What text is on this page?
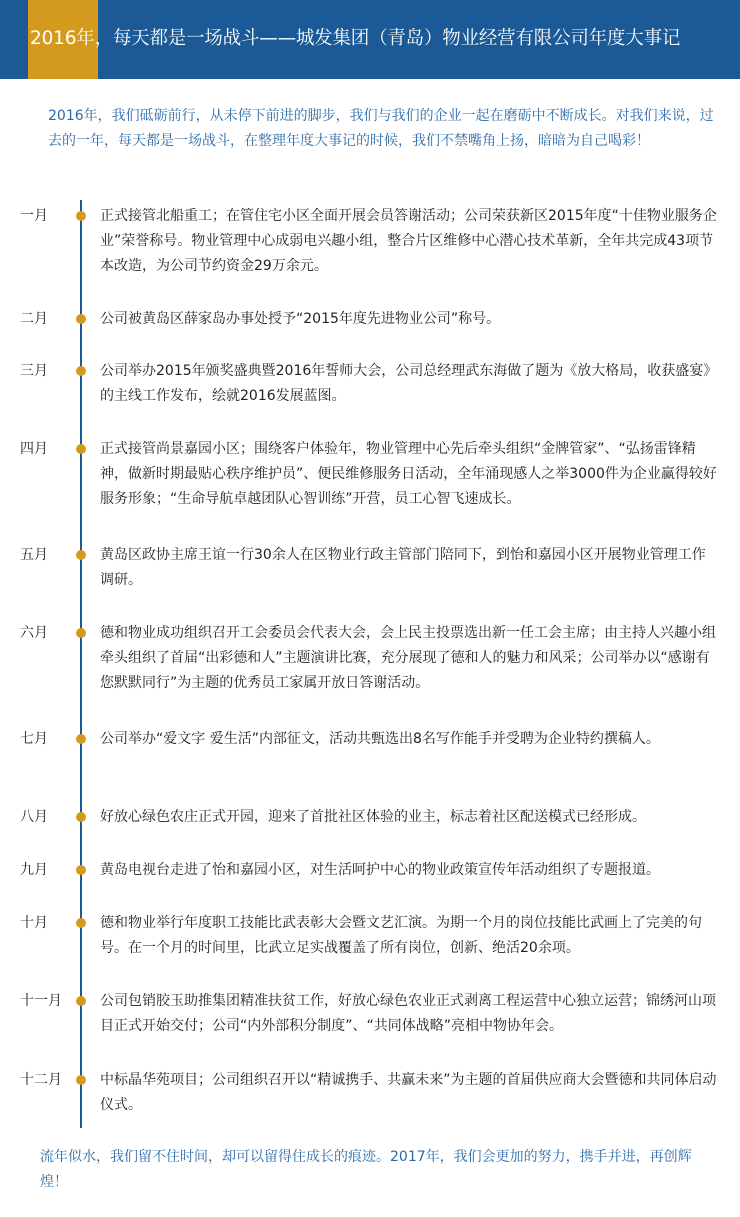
2016年，每天都是一场战斗——城发集团（青岛）物业经营有限公司年度大事记
2016年，我们砥砺前行，从未停下前进的脚步，我们与我们的企业一起在磨砺中不断成长。对我们来说，过去的一年，每天都是一场战斗，在整理年度大事记的时候，我们不禁嘴角上扬，暗暗为自己喝彩！
一月	正式接管北船重工；在管住宅小区全面开展会员答谢活动；公司荣获新区2015年度“十佳物业服务企业”荣誉称号。物业管理中心成弱电兴趣小组，整合片区维修中心潜心技术革新，全年共完成43项节本改造，为公司节约资金29万余元。
二月	公司被黄岛区薛家岛办事处授予“2015年度先进物业公司”称号。
三月	公司举办2015年颁奖盛典暨2016年誓师大会，公司总经理武东海做了题为《放大格局，收获盛宴》的主线工作发布，绘就2016发展蓝图。
四月	正式接管尚景嘉园小区；围绕客户体验年，物业管理中心先后牵头组织“金牌管家”、“弘扬雷锋精神，做新时期最贴心秩序维护员”、便民维修服务日活动，全年涌现感人之举3000件为企业赢得较好服务形象；“生命导航卓越团队心智训练”开营，员工心智飞速成长。
五月	黄岛区政协主席王谊一行30余人在区物业行政主管部门陪同下，到怡和嘉园小区开展物业管理工作调研。
六月	德和物业成功组织召开工会委员会代表大会，会上民主投票选出新一任工会主席；由主持人兴趣小组牵头组织了首届“出彩德和人”主题演讲比赛，充分展现了德和人的魅力和风采；公司举办以“感谢有您默默同行”为主题的优秀员工家属开放日答谢活动。
七月	公司举办“爱文字 爱生活”内部征文，活动共甄选出8名写作能手并受聘为企业特约撰稿人。
八月	好放心绿色农庄正式开园，迎来了首批社区体验的业主，标志着社区配送模式已经形成。
九月	黄岛电视台走进了怡和嘉园小区，对生活呵护中心的物业政策宣传年活动组织了专题报道。
十月	德和物业举行年度职工技能比武表彰大会暨文艺汇演。为期一个月的岗位技能比武画上了完美的句号。在一个月的时间里，比武立足实战覆盖了所有岗位，创新、绝活20余项。
十一月	公司包销胶玉助推集团精准扶贫工作，好放心绿色农业正式剥离工程运营中心独立运营；锦绣河山项目正式开始交付；公司“内外部积分制度”、“共同体战略”亮相中物协年会。
十二月	中标晶华苑项目；公司组织召开以“精诚携手、共赢未来”为主题的首届供应商大会暨德和共同体启动仪式。
流年似水，我们留不住时间，却可以留得住成长的痕迹。2017年，我们会更加的努力，携手并进，再创辉煌！
